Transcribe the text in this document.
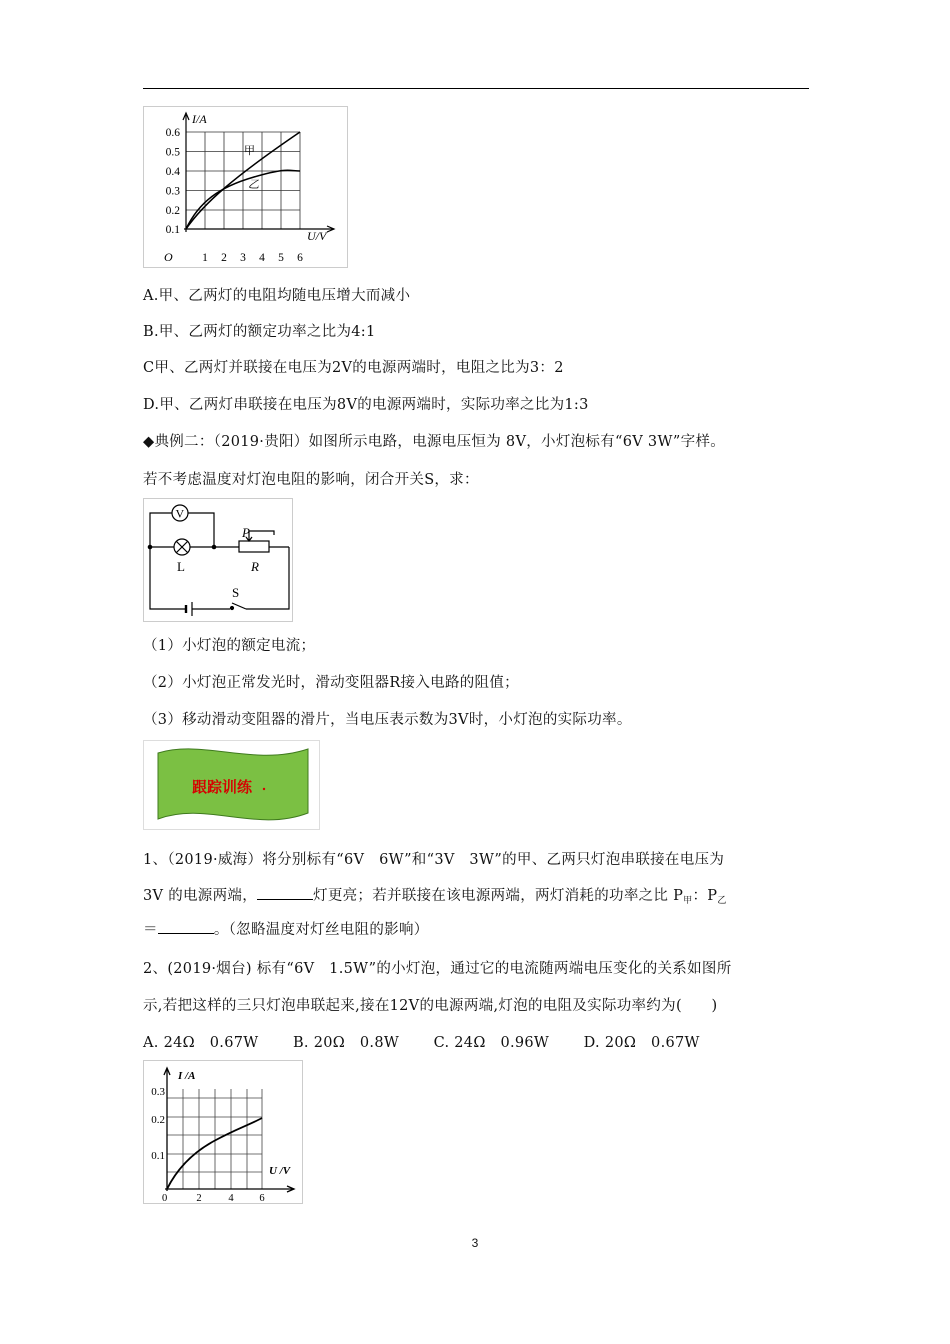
I/A
U/V
O
0.6
0.5
0.4
0.3
0.2
0.1
1 2 3 4 5 6
甲
乙
A.甲、乙两灯的电阻均随电压增大而减小
B.甲、乙两灯的额定功率之比为4:1
C甲、乙两灯并联接在电压为2V的电源两端时，电阻之比为3：2
D.甲、乙两灯串联接在电压为8V的电源两端时，实际功率之比为1:3
◆典例二：（2019·贵阳）如图所示电路，电源电压恒为 8V，小灯泡标有“6V 3W”字样。
若不考虑温度对灯泡电阻的影响，闭合开关S，求：
V
L
P
R
S
（1）小灯泡的额定电流；
（2）小灯泡正常发光时，滑动变阻器R接入电路的阻值；
（3）移动滑动变阻器的滑片，当电压表示数为3V时，小灯泡的实际功率。
跟踪训练
1、（2019·威海）将分别标有“6V　6W”和“3V　3W”的甲、乙两只灯泡串联接在电压为
3V 的电源两端，	灯更亮；若并联接在该电源两端，两灯消耗的功率之比 $P_甲$：$P_乙$
＝	。（忽略温度对灯丝电阻的影响）
2、(2019·烟台) 标有“6V　1.5W”的小灯泡，通过它的电流随两端电压变化的关系如图所
示,若把这样的三只灯泡串联起来,接在12V的电源两端,灯泡的电阻及实际功率约为(　　)
A. 24Ω　0.67W　　 B. 20Ω　0.8W　　 C. 24Ω　0.96W　　 D. 20Ω　0.67W
I /A
U /V
0
0.3
0.2
0.1
2	4 6
3
